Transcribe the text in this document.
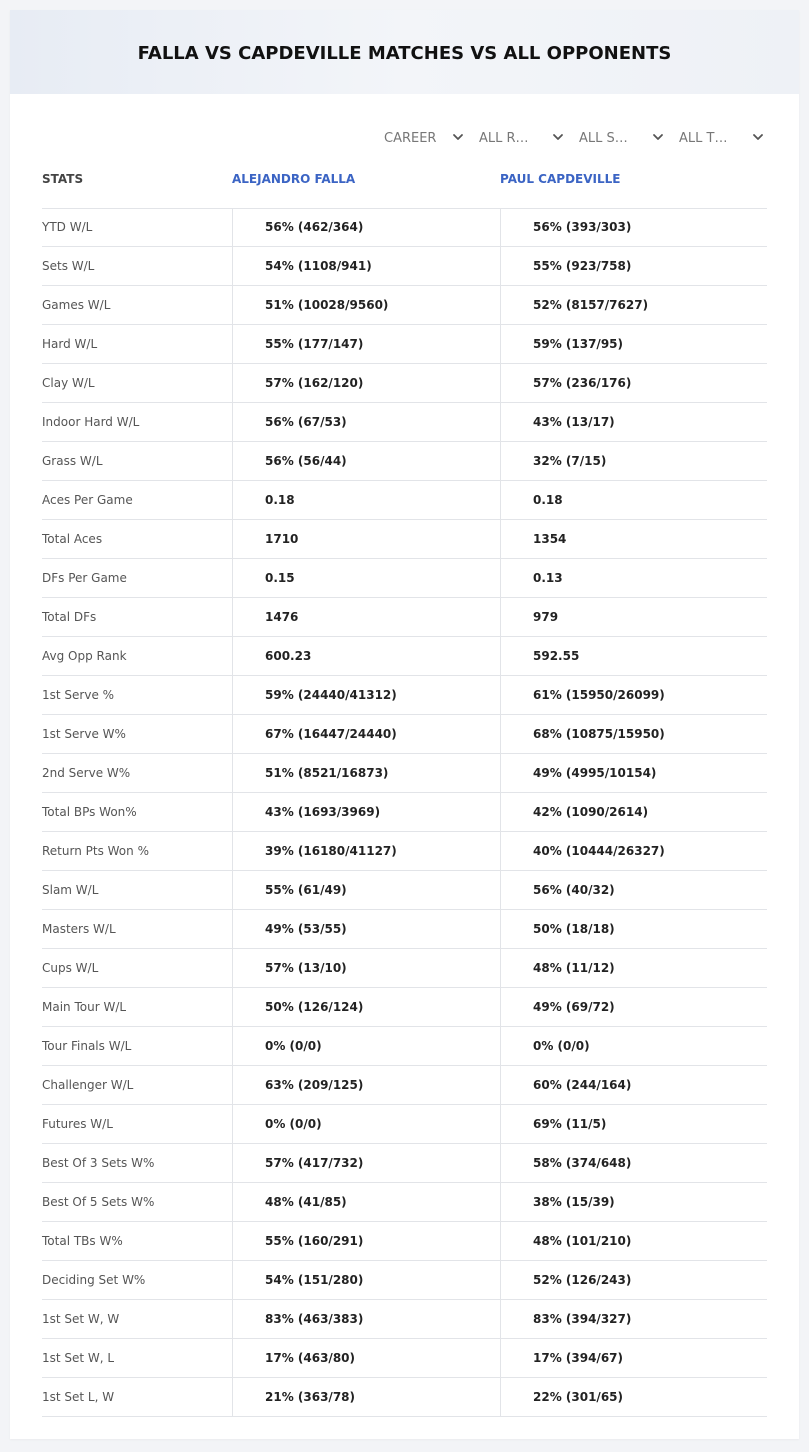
FALLA VS CAPDEVILLE MATCHES VS ALL OPPONENTS
CAREER	ALL R…	ALL S…	ALL T…
STATS	ALEJANDRO FALLA	PAUL CAPDEVILLE
YTD W/L	56% (462/364)	56% (393/303)
Sets W/L	54% (1108/941)	55% (923/758)
Games W/L	51% (10028/9560)	52% (8157/7627)
Hard W/L	55% (177/147)	59% (137/95)
Clay W/L	57% (162/120)	57% (236/176)
Indoor Hard W/L	56% (67/53)	43% (13/17)
Grass W/L	56% (56/44)	32% (7/15)
Aces Per Game	0.18	0.18
Total Aces	1710	1354
DFs Per Game	0.15	0.13
Total DFs	1476	979
Avg Opp Rank	600.23	592.55
1st Serve %	59% (24440/41312)	61% (15950/26099)
1st Serve W%	67% (16447/24440)	68% (10875/15950)
2nd Serve W%	51% (8521/16873)	49% (4995/10154)
Total BPs Won%	43% (1693/3969)	42% (1090/2614)
Return Pts Won %	39% (16180/41127)	40% (10444/26327)
Slam W/L	55% (61/49)	56% (40/32)
Masters W/L	49% (53/55)	50% (18/18)
Cups W/L	57% (13/10)	48% (11/12)
Main Tour W/L	50% (126/124)	49% (69/72)
Tour Finals W/L	0% (0/0)	0% (0/0)
Challenger W/L	63% (209/125)	60% (244/164)
Futures W/L	0% (0/0)	69% (11/5)
Best Of 3 Sets W%	57% (417/732)	58% (374/648)
Best Of 5 Sets W%	48% (41/85)	38% (15/39)
Total TBs W%	55% (160/291)	48% (101/210)
Deciding Set W%	54% (151/280)	52% (126/243)
1st Set W, W	83% (463/383)	83% (394/327)
1st Set W, L	17% (463/80)	17% (394/67)
1st Set L, W	21% (363/78)	22% (301/65)
